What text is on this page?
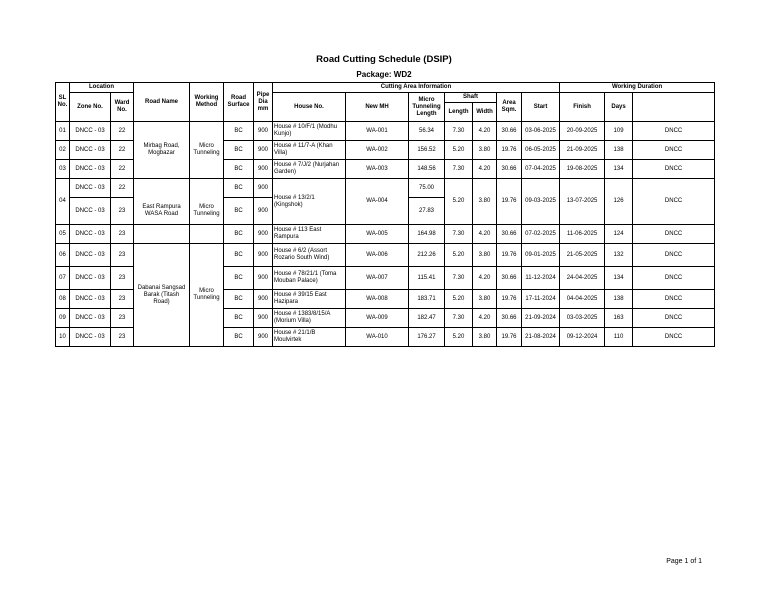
Road Cutting Schedule (DSIP)
Package: WD2
SL No.	Location		Road Name	Working Method	Road Surface	Pipe Dia mm	Cutting Area Information							Working Duration	
	Zone No.	Ward No.					House No.	New MH	Micro Tunneling Length	Shaft		Area Sqm.	Start	Finish	Days		
										Length	Width						
01	DNCC - 03	22	Mirbag Road, Mogbazar	Micro Tunneling	BC	900	House # 10/F/1 (Modhu Kunjo)	WA-001	56.34	7.30	4.20	30.66	03-06-2025	20-09-2025	109	DNCC	
02	DNCC - 03	22			BC	900	House # 11/7-A (Khan Villa)	WA-002	156.52	5.20	3.80	19.76	06-05-2025	21-09-2025	138	DNCC	
03	DNCC - 03	22			BC	900	House # 7/J/2 (Nurjahan Garden)	WA-003	148.56	7.30	4.20	30.66	07-04-2025	19-08-2025	134	DNCC	
04	DNCC - 03	22			BC	900	House # 13/2/1 (Kingshok)	WA-004	75.00	5.20	3.80	19.76	09-03-2025	13-07-2025	126	DNCC	
	DNCC - 03	23	East Rampura WASA Road	Micro Tunneling	BC	900			27.83								
05	DNCC - 03	23			BC	900	House # 113 East Rampura	WA-005	164.98	7.30	4.20	30.66	07-02-2025	11-06-2025	124	DNCC	
06	DNCC - 03	23	Dabanai Sangsad Barak (Titash Road)	Micro Tunneling	BC	900	House # 6/2 (Assort Rozario South Wind)	WA-006	212.26	5.20	3.80	19.76	09-01-2025	21-05-2025	132	DNCC	
07	DNCC - 03	23			BC	900	House # 78/21/1 (Toma Mouban Palace)	WA-007	115.41	7.30	4.20	30.66	11-12-2024	24-04-2025	134	DNCC	
08	DNCC - 03	23			BC	900	House # 39/15 East Hazipara	WA-008	183.71	5.20	3.80	19.76	17-11-2024	04-04-2025	138	DNCC	
09	DNCC - 03	23			BC	900	House # 1383/8/15/A (Morium Villa)	WA-009	182.47	7.30	4.20	30.66	21-09-2024	03-03-2025	163	DNCC	
10	DNCC - 03	23			BC	900	House # 21/1/B Moulvirtek	WA-010	176.27	5.20	3.80	19.76	21-08-2024	09-12-2024	110	DNCC	
Page 1 of 1
